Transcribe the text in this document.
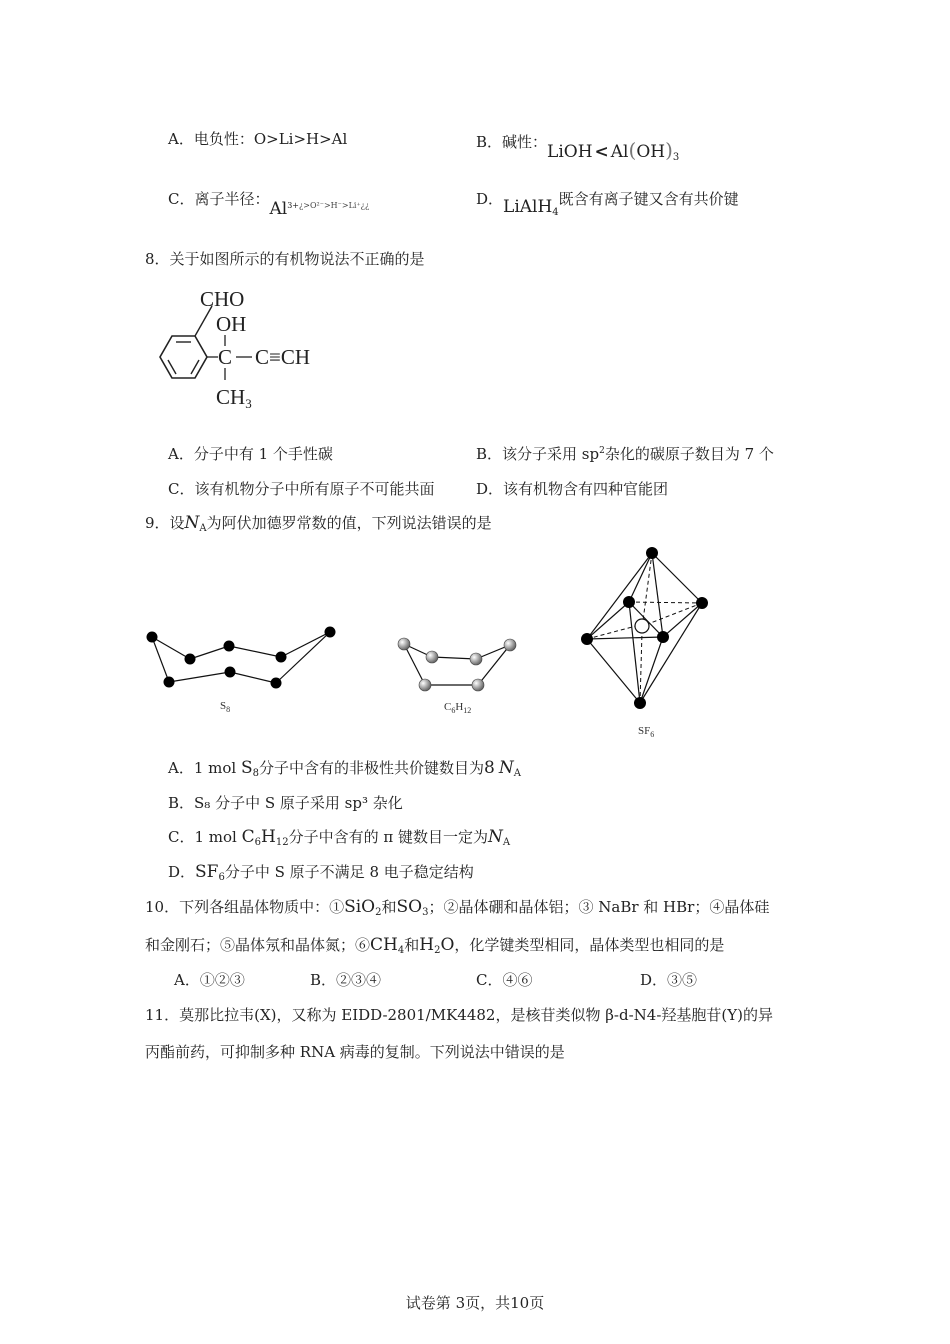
A．电负性：O>Li>H>Al	B．碱性：LiOH < $Al(OH)_3$
C．离子半径：$Al^{3+¿>O^{2-}>H^->Li^+¿¿}$	D．LiAlH$_4$既含有离子键又含有共价键
8．关于如图所示的有机物说法不正确的是
CHO
OH
C C≡CH
CH3
A．分子中有 1 个手性碳	B．该分子采用 $sp^2$杂化的碳原子数目为 7 个
C．该有机物分子中所有原子不可能共面	D．该有机物含有四种官能团
9．设$N_A$为阿伏加德罗常数的值，下列说法错误的是
$S_8$	$C_6H_{12}$
$SF_6$
A．1 mol $S_8$分子中含有的非极性共价键数目为8 $N_A$
B．S₈ 分子中 S 原子采用 sp³ 杂化
C．1 mol $C_6H_{12}$分子中含有的 π 键数目一定为$N_A$
D．$SF_6$分子中 S 原子不满足 8 电子稳定结构
10．下列各组晶体物质中：①SiO$_2$和$SO_3$；②晶体硼和晶体铝；③ NaBr 和 HBr；④晶体硅
和金刚石；⑤晶体氖和晶体氮；$⑥CH_4$和$H_2O$，化学键类型相同，晶体类型也相同的是
A．①②③	B．②③④	C．④⑥	D．③⑤
11．莫那比拉韦(X)，又称为 EIDD-2801/MK4482，是核苷类似物 β-d-N4-羟基胞苷(Y)的异
丙酯前药，可抑制多种 RNA 病毒的复制。下列说法中错误的是
试卷第 3页，共10页
